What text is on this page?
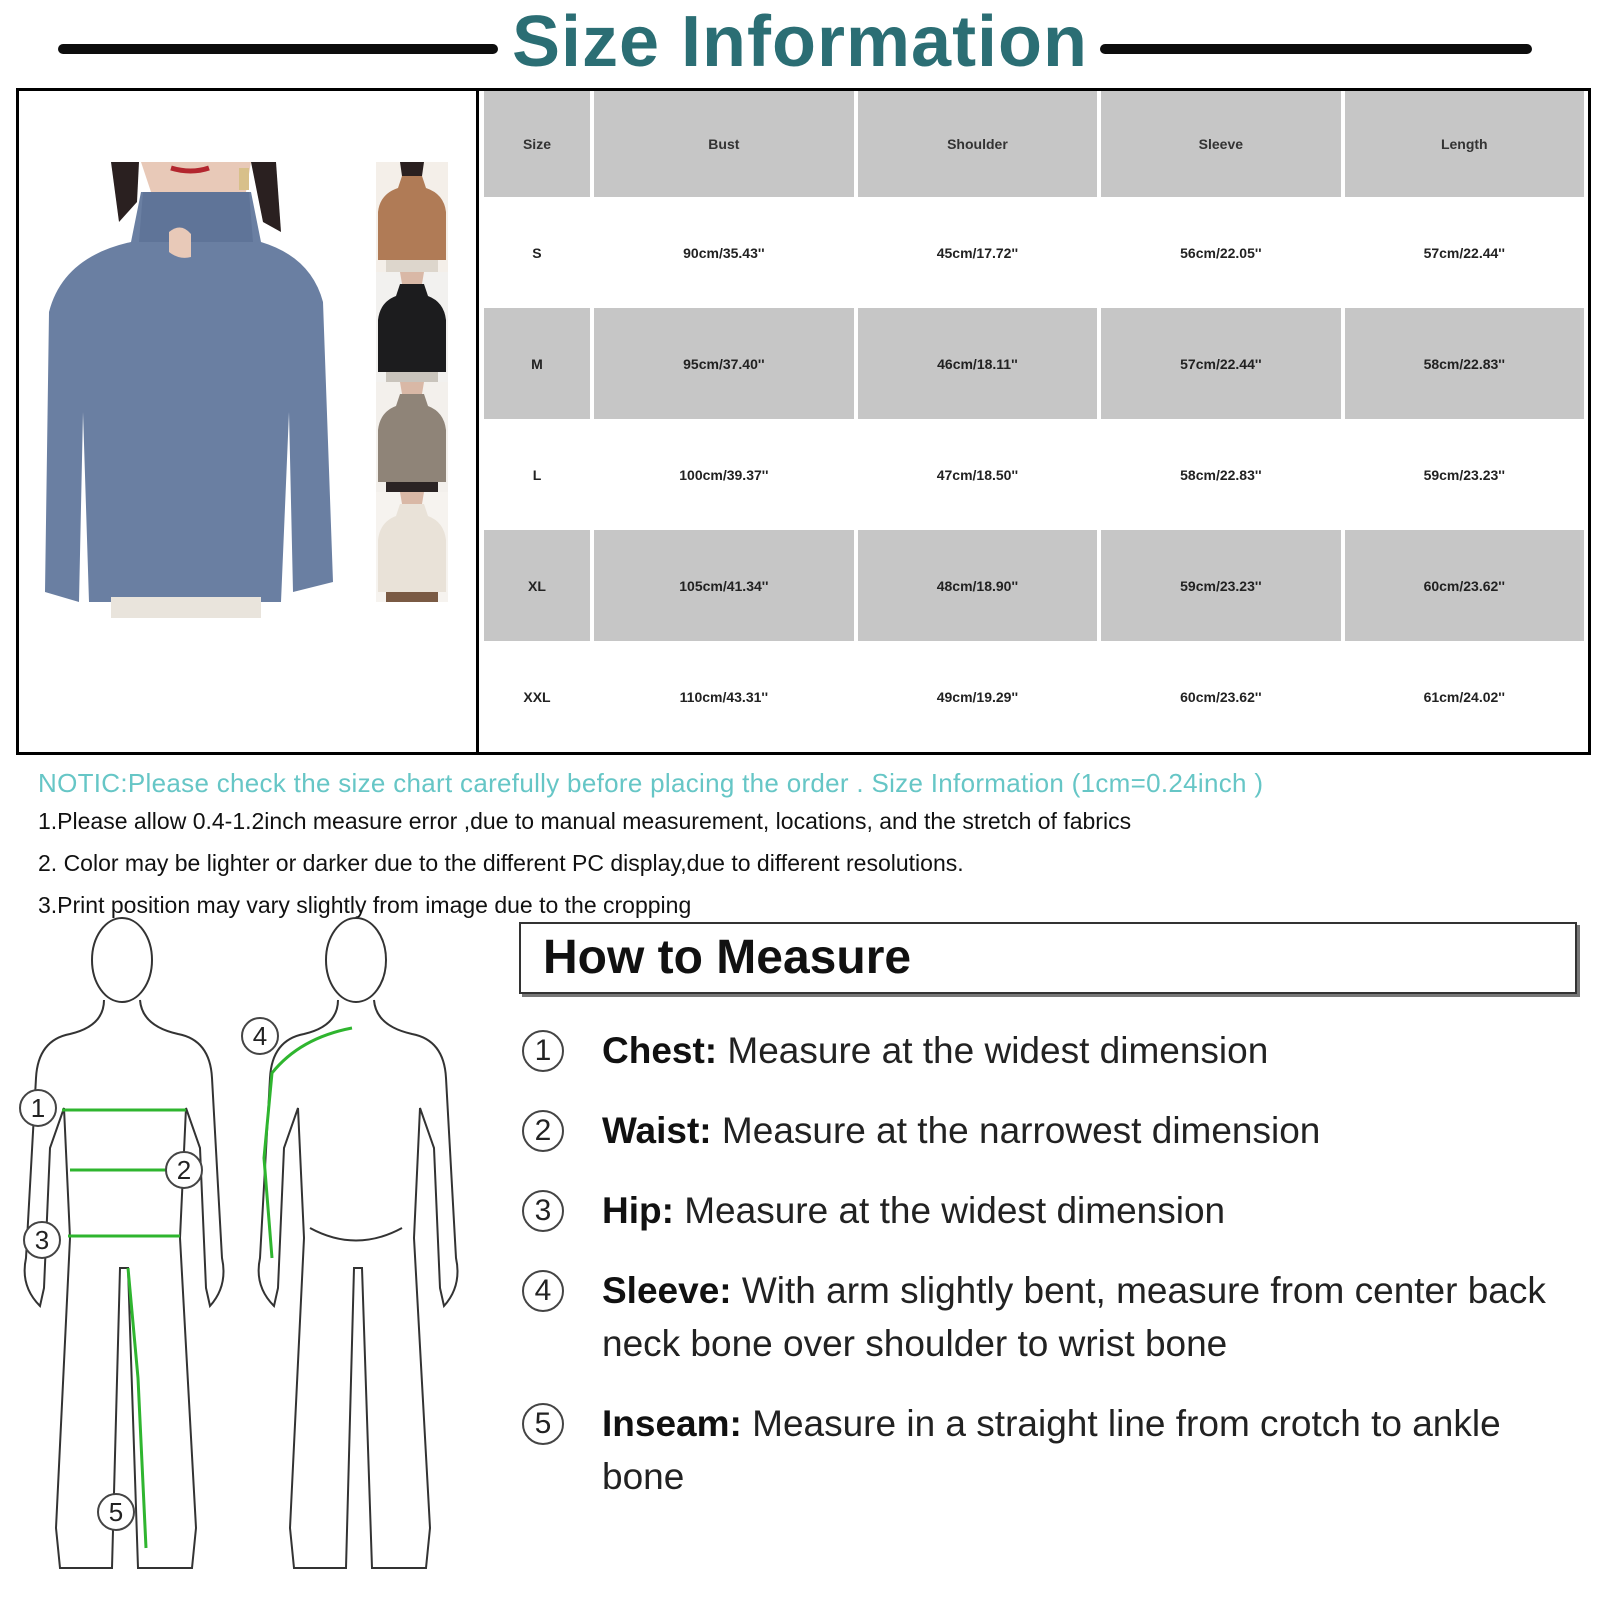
Size Information
Size	Bust	Shoulder	Sleeve	Length
S	90cm/35.43''	45cm/17.72''	56cm/22.05''	57cm/22.44''
M	95cm/37.40''	46cm/18.11''	57cm/22.44''	58cm/22.83''
L	100cm/39.37''	47cm/18.50''	58cm/22.83''	59cm/23.23''
XL	105cm/41.34''	48cm/18.90''	59cm/23.23''	60cm/23.62''
XXL	110cm/43.31''	49cm/19.29''	60cm/23.62''	61cm/24.02''
NOTIC:Please check the size chart carefully before placing the order . Size Information (1cm=0.24inch )
1.Please allow 0.4-1.2inch measure error ,due to manual measurement, locations, and the stretch of fabrics
2. Color may be lighter or darker due to the different PC display,due to different resolutions.
3.Print position may vary slightly from image due to the cropping
1
2
3
4
5
How to Measure
1	Chest: Measure at the widest dimension
2	Waist: Measure at the narrowest dimension
3	Hip: Measure at the widest dimension
4	Sleeve: With arm slightly bent, measure from center back neck bone over shoulder to wrist bone
5	Inseam: Measure in a straight line from crotch to ankle bone
